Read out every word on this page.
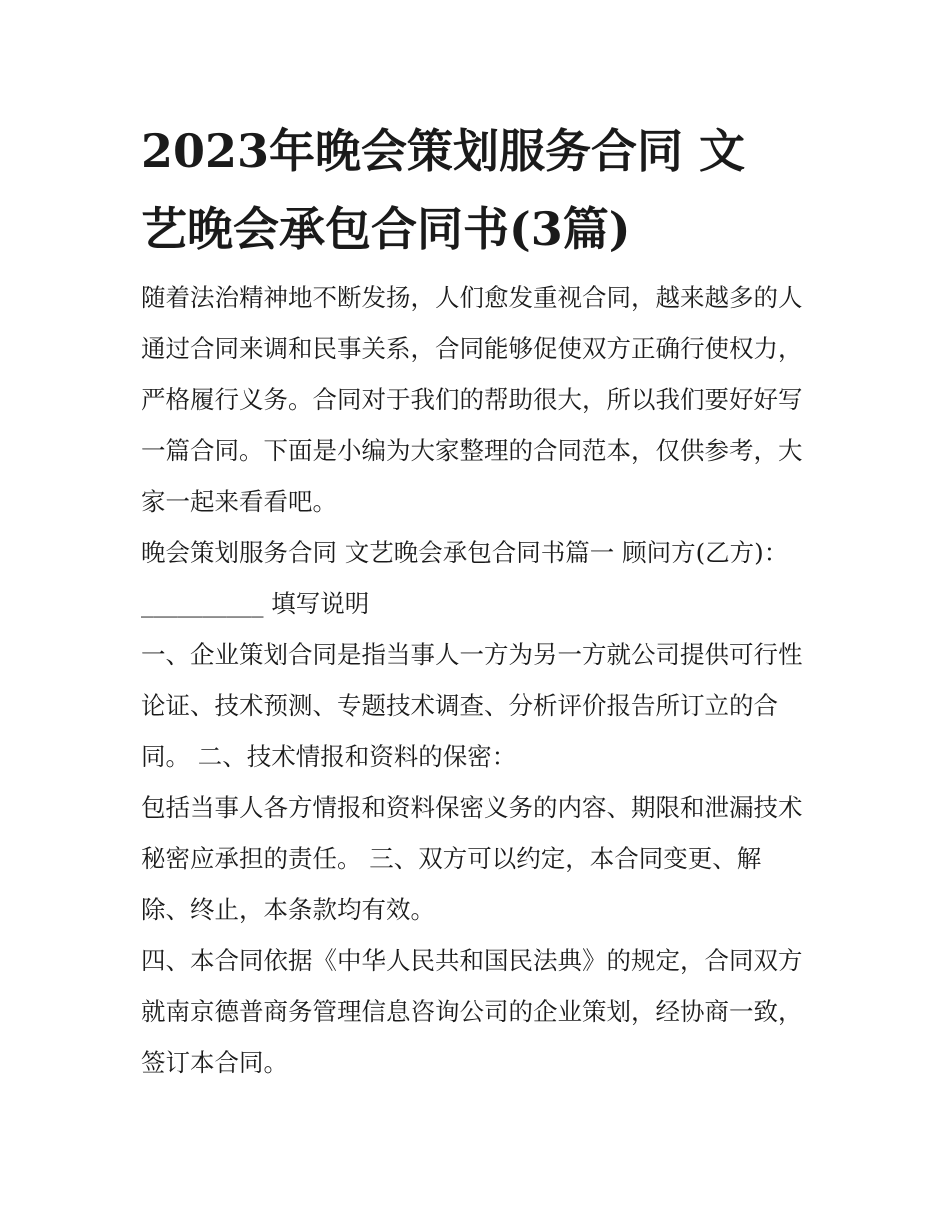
2023年晚会策划服务合同 文
艺晚会承包合同书(3篇)
随着法治精神地不断发扬，人们愈发重视合同，越来越多的人
通过合同来调和民事关系，合同能够促使双方正确行使权力，
严格履行义务。合同对于我们的帮助很大，所以我们要好好写
一篇合同。下面是小编为大家整理的合同范本，仅供参考，大
家一起来看看吧。
晚会策划服务合同 文艺晚会承包合同书篇一 顾问方(乙方)：
__________ 填写说明
一、企业策划合同是指当事人一方为另一方就公司提供可行性
论证、技术预测、专题技术调查、分析评价报告所订立的合
同。 二、技术情报和资料的保密：
包括当事人各方情报和资料保密义务的内容、期限和泄漏技术
秘密应承担的责任。 三、双方可以约定，本合同变更、解
除、终止，本条款均有效。
四、本合同依据《中华人民共和国民法典》的规定，合同双方
就南京德普商务管理信息咨询公司的企业策划，经协商一致，
签订本合同。
